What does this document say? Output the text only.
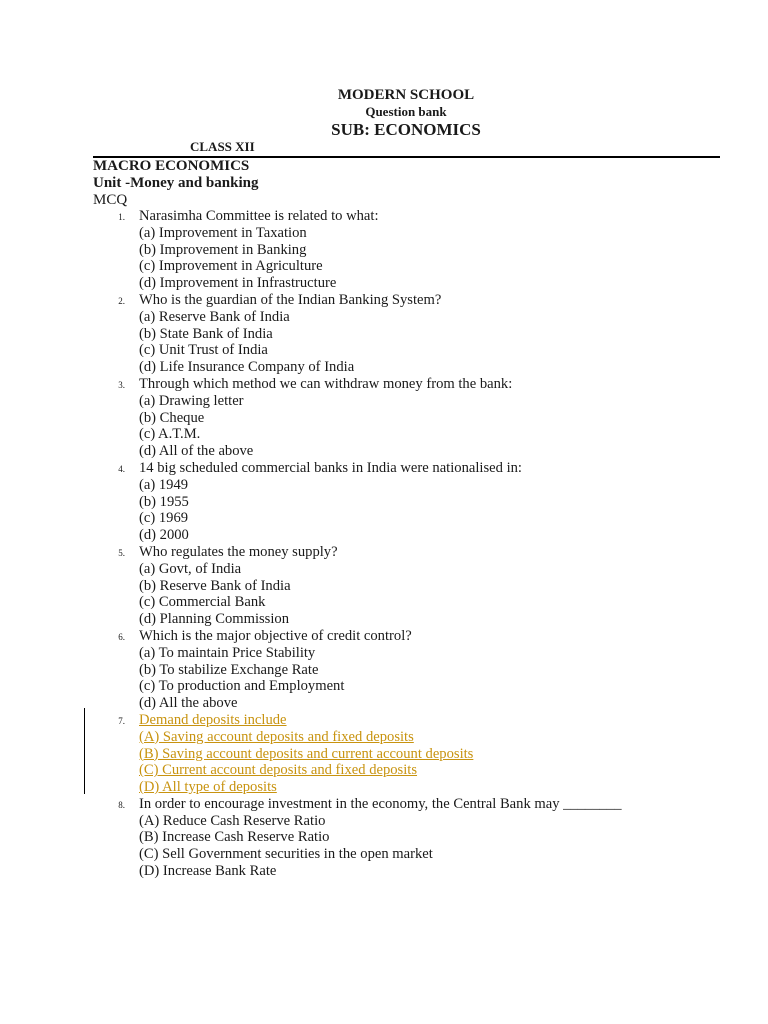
MODERN SCHOOL
Question bank
SUB: ECONOMICS
CLASS XII
MACRO ECONOMICS
Unit -Money and banking
MCQ
1. Narasimha Committee is related to what:
(a) Improvement in Taxation
(b) Improvement in Banking
(c) Improvement in Agriculture
(d) Improvement in Infrastructure
2. Who is the guardian of the Indian Banking System?
(a) Reserve Bank of India
(b) State Bank of India
(c) Unit Trust of India
(d) Life Insurance Company of India
3. Through which method we can withdraw money from the bank:
(a) Drawing letter
(b) Cheque
(c) A.T.M.
(d) All of the above
4. 14 big scheduled commercial banks in India were nationalised in:
(a) 1949
(b) 1955
(c) 1969
(d) 2000
5. Who regulates the money supply?
(a) Govt, of India
(b) Reserve Bank of India
(c) Commercial Bank
(d) Planning Commission
6. Which is the major objective of credit control?
(a) To maintain Price Stability
(b) To stabilize Exchange Rate
(c) To production and Employment
(d) All the above
7. Demand deposits include
(A) Saving account deposits and fixed deposits
(B) Saving account deposits and current account deposits
(C) Current account deposits and fixed deposits
(D) All type of deposits
8. In order to encourage investment in the economy, the Central Bank may ________
(A) Reduce Cash Reserve Ratio
(B) Increase Cash Reserve Ratio
(C) Sell Government securities in the open market
(D) Increase Bank Rate
